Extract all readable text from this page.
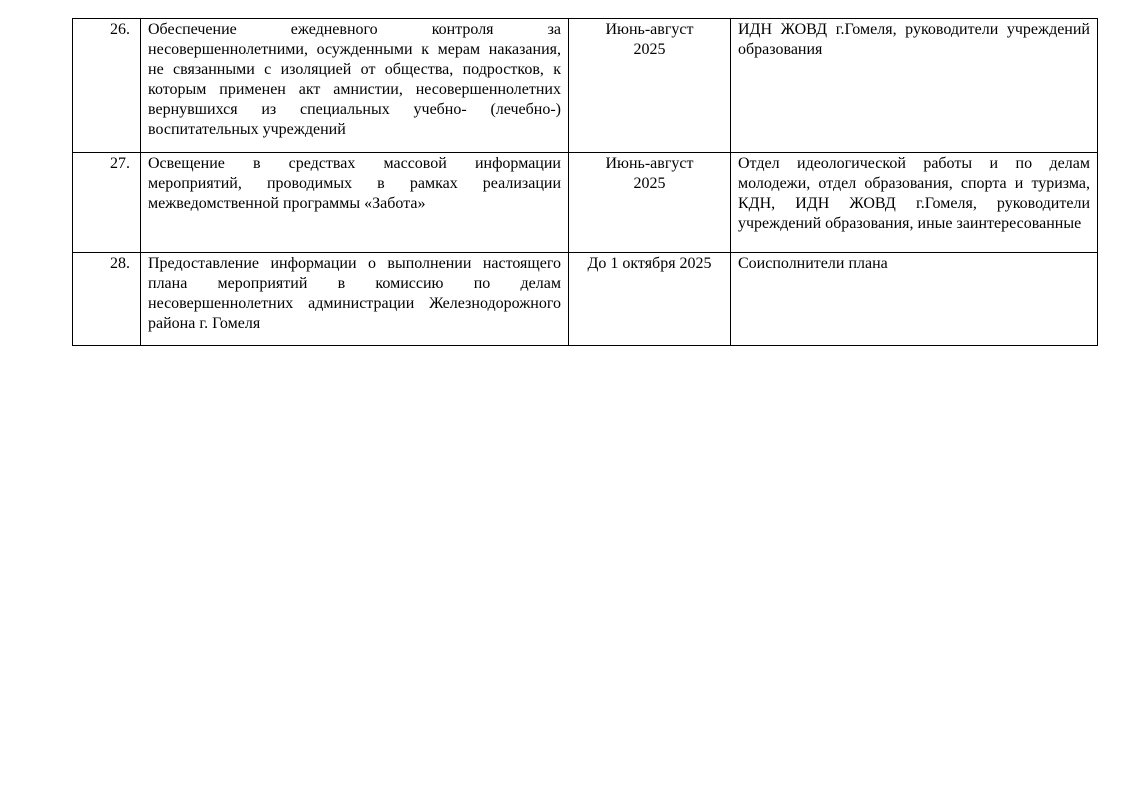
26.	Обеспечение ежедневного контроля за несовершеннолетними, осужденными к мерам наказания, не связанными с изоляцией от общества, подростков, к которым применен акт амнистии, несовершеннолетних вернувшихся из специальных учебно- (лечебно-) воспитательных учреждений	Июнь-август 2025	ИДН ЖОВД г.Гомеля, руководители учреждений образования

27.	Освещение в средствах массовой информации мероприятий, проводимых в рамках реализации межведомственной программы «Забота»	Июнь-август 2025	Отдел идеологической работы и по делам молодежи, отдел образования, спорта и туризма, КДН, ИДН ЖОВД г.Гомеля, руководители учреждений образования, иные заинтересованные

28.	Предоставление информации о выполнении настоящего плана мероприятий в комиссию по делам несовершеннолетних администрации Железнодорожного района г. Гомеля	До 1 октября 2025	Соисполнители плана
